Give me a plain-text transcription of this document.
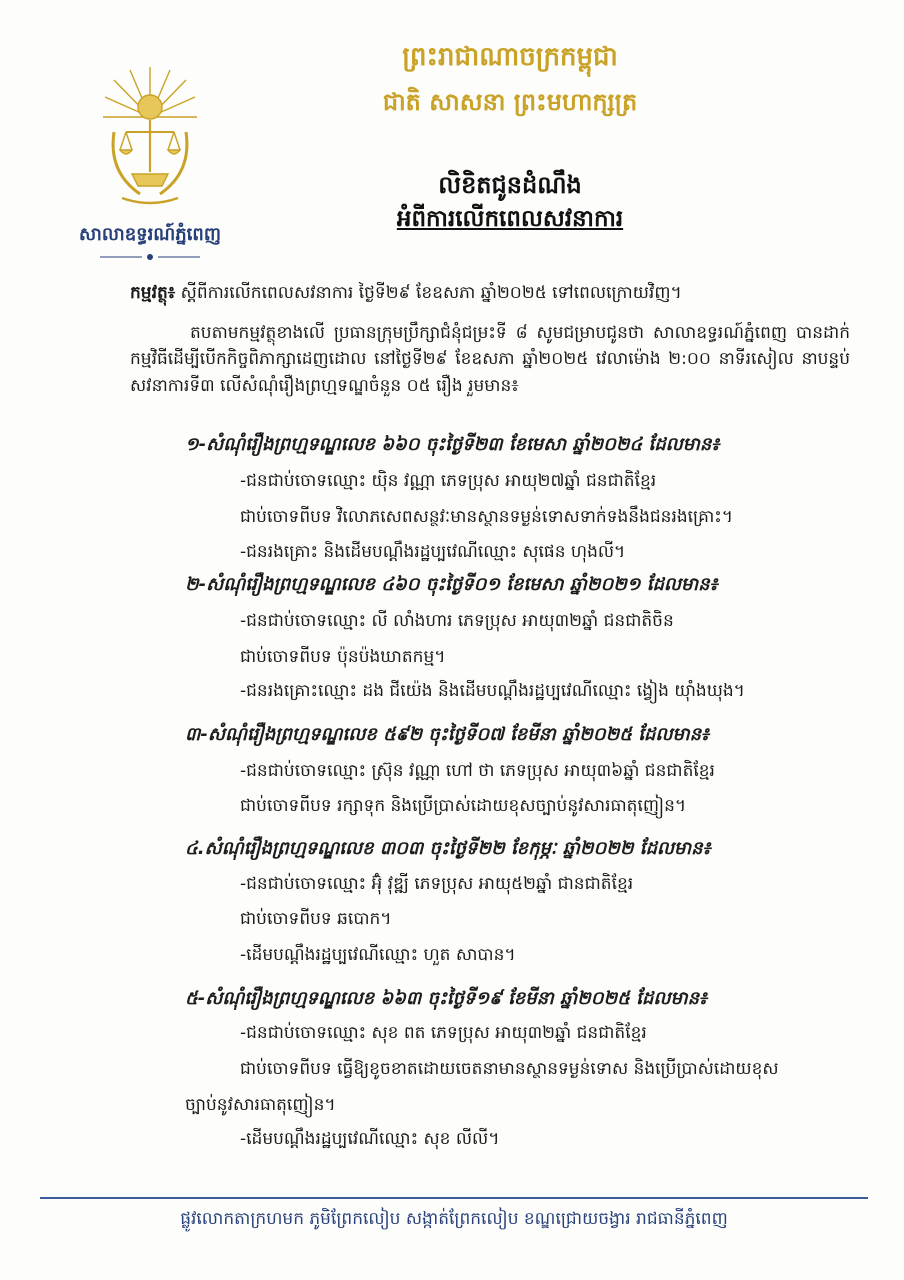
សាលាឧទ្ធរណ៍ភ្នំពេញ
ព្រះរាជាណាចក្រកម្ពុជា
ជាតិ សាសនា ព្រះមហាក្សត្រ
លិខិតជូនដំណឹង
អំពីការលើកពេលសវនាការ
កម្មវត្ថុ៖ ស្តីពីការលើកពេលសវនាការ ថ្ងៃទី២៩ ខែឧសភា ឆ្នាំ២០២៥ ទៅពេលក្រោយវិញ។
តបតាមកម្មវត្ថុខាងលើ ប្រធានក្រុមប្រឹក្សាជំនុំជម្រះទី ៨ សូមជម្រាបជូនថា សាលាឧទ្ធរណ៍ភ្នំពេញ បានដាក់កម្មវិធីដើម្បីបើកកិច្ចពិភាក្សាដេញដោល នៅថ្ងៃទី២៩ ខែឧសភា ឆ្នាំ២០២៥ វេលាម៉ោង ២:០០ នាទីរសៀល នាបន្ទប់សវនាការទី៣ លើសំណុំរឿងព្រហ្មទណ្ឌចំនួន ០៥ រឿង រួមមាន៖
១-សំណុំរឿងព្រហ្មទណ្ឌលេខ ៦៦០ ចុះថ្ងៃទី២៣ ខែមេសា ឆ្នាំ២០២៤ ដែលមាន៖
-ជនជាប់ចោទឈ្មោះ យ៉ិន វណ្ណា ភេទប្រុស អាយុ២៧ឆ្នាំ ជនជាតិខ្មែរ
ជាប់ចោទពីបទ វិលោភសេពសន្ថវៈមានស្ថានទម្ងន់ទោសទាក់ទងនឹងជនរងគ្រោះ។
-ជនរងគ្រោះ និងដើមបណ្តឹងរដ្ឋប្បវេណីឈ្មោះ សុផេន ហុងលី។
២-សំណុំរឿងព្រហ្មទណ្ឌលេខ ៤៦០ ចុះថ្ងៃទី០១ ខែមេសា ឆ្នាំ២០២១ ដែលមាន៖
-ជនជាប់ចោទឈ្មោះ លី លាំងហារ ភេទប្រុស អាយុ៣២ឆ្នាំ ជនជាតិចិន
ជាប់ចោទពីបទ ប៉ុនប៉ងឃាតកម្ម។
-ជនរងគ្រោះឈ្មោះ ដង ជីយ៉េង និងដើមបណ្តឹងរដ្ឋប្បវេណីឈ្មោះ ង្វៀង យ៉ាំងឃុង។
៣-សំណុំរឿងព្រហ្មទណ្ឌលេខ ៥៩២ ចុះថ្ងៃទី០៧ ខែមីនា ឆ្នាំ២០២៥ ដែលមាន៖
-ជនជាប់ចោទឈ្មោះ ស្រ៊ុន វណ្ណា ហៅ ថា ភេទប្រុស អាយុ៣៦ឆ្នាំ ជនជាតិខ្មែរ
ជាប់ចោទពីបទ រក្សាទុក និងប្រើប្រាស់ដោយខុសច្បាប់នូវសារធាតុញៀន។
៤.សំណុំរឿងព្រហ្មទណ្ឌលេខ ៣០៣ ចុះថ្ងៃទី២២ ខែកុម្ភៈ ឆ្នាំ២០២២ ដែលមាន៖
-ជនជាប់ចោទឈ្មោះ អ៊ុំ វុឌ្ឍី ភេទប្រុស អាយុ៥២ឆ្នាំ ជានជាតិខ្មែរ
ជាប់ចោទពីបទ ឆបោក។
-ដើមបណ្តឹងរដ្ឋប្បវេណីឈ្មោះ ហួត សាបាន។
៥-សំណុំរឿងព្រហ្មទណ្ឌលេខ ៦៦៣ ចុះថ្ងៃទី១៩ ខែមីនា ឆ្នាំ២០២៥ ដែលមាន៖
-ជនជាប់ចោទឈ្មោះ សុខ ពត ភេទប្រុស អាយុ៣២ឆ្នាំ ជនជាតិខ្មែរ
ជាប់ចោទពីបទ ធ្វើឱ្យខូចខាតដោយចេតនាមានស្ថានទម្ងន់ទោស និងប្រើប្រាស់ដោយខុស
ច្បាប់នូវសារធាតុញៀន។
-ដើមបណ្តឹងរដ្ឋប្បវេណីឈ្មោះ សុខ លីលី។
ផ្លូវលោកតាក្រហមក ភូមិព្រែកលៀប សង្កាត់ព្រែកលៀប ខណ្ឌជ្រោយចង្វារ រាជធានីភ្នំពេញ
